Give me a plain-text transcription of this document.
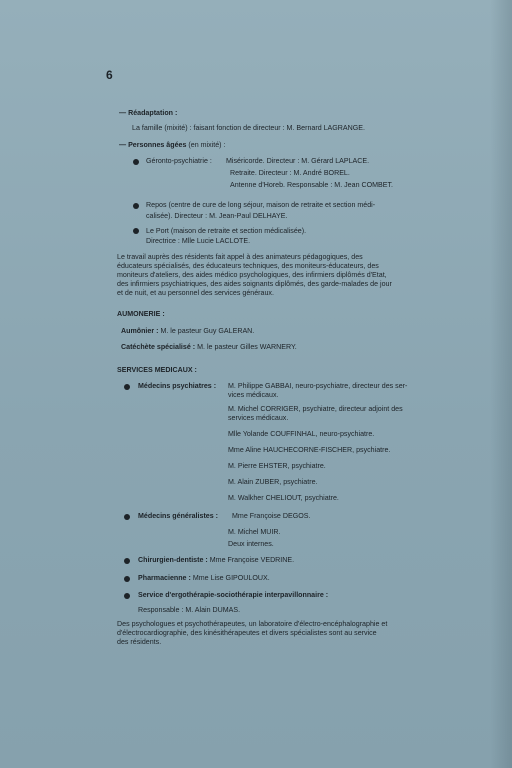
6
— Réadaptation :
La famille (mixité) : faisant fonction de directeur : M. Bernard LAGRANGE.
— Personnes âgées (en mixité) :
Géronto-psychiatrie : Miséricorde. Directeur : M. Gérard LAPLACE.
Retraite. Directeur : M. André BOREL.
Antenne d'Horeb. Responsable : M. Jean COMBET.
Repos (centre de cure de long séjour, maison de retraite et section médi-
calisée). Directeur : M. Jean-Paul DELHAYE.
Le Port (maison de retraite et section médicalisée).
Directrice : Mlle Lucie LACLOTE.
Le travail auprès des résidents fait appel à des animateurs pédagogiques, des
éducateurs spécialisés, des éducateurs techniques, des moniteurs-éducateurs, des
moniteurs d'ateliers, des aides médico psychologiques, des infirmiers diplômés d'Etat,
des infirmiers psychiatriques, des aides soignants diplômés, des garde-malades de jour
et de nuit, et au personnel des services généraux.
AUMONERIE :
Aumônier : M. le pasteur Guy GALERAN.
Catéchète spécialisé : M. le pasteur Gilles WARNERY.
SERVICES MEDICAUX :
Médecins psychiatres : M. Philippe GABBAI, neuro-psychiatre, directeur des ser-
vices médicaux.
M. Michel CORRIGER, psychiatre, directeur adjoint des
services médicaux.
Mlle Yolande COUFFINHAL, neuro-psychiatre.
Mme Aline HAUCHECORNE-FISCHER, psychiatre.
M. Pierre EHSTER, psychiatre.
M. Alain ZUBER, psychiatre.
M. Walkher CHELIOUT, psychiatre.
Médecins généralistes : Mme Françoise DEGOS.
M. Michel MUIR.
Deux internes.
Chirurgien-dentiste : Mme Françoise VEDRINE.
Pharmacienne : Mme Lise GIPOULOUX.
Service d'ergothérapie-sociothérapie interpavillonnaire :
Responsable : M. Alain DUMAS.
Des psychologues et psychothérapeutes, un laboratoire d'électro-encéphalographie et
d'électrocardiographie, des kinésithérapeutes et divers spécialistes sont au service
des résidents.
